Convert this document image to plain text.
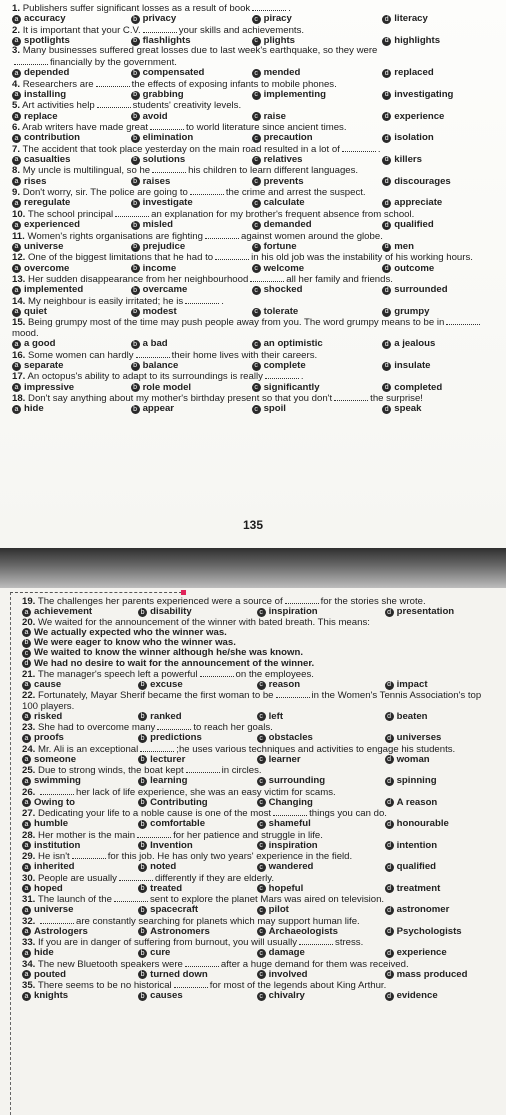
1. Publishers suffer significant losses as a result of book	.
a accuracy	b privacy	c piracy	d literacy
2. It is important that your C.V.	your skills and achievements.
a spotlights	b flashlights	c plights	d highlights
3. Many businesses suffered great losses due to last week's earthquake, so they were
financially by the government.
a depended	b compensated	c mended	d replaced
4. Researchers are	the effects of exposing infants to mobile phones.
a installing	b grabbing	c implementing	d investigating
5. Art activities help	students' creativity levels.
a replace	b avoid	c raise	d experience
6. Arab writers have made great	to world literature since ancient times.
a contribution	b elimination	c precaution	d isolation
7. The accident that took place yesterday on the main road resulted in a lot of	.
a casualties	b solutions	c relatives	d killers
8. My uncle is multilingual, so he	his children to learn different languages.
a rises	b raises	c prevents	d discourages
9. Don't worry, sir. The police are going to	the crime and arrest the suspect.
a reregulate	b investigate	c calculate	d appreciate
10. The school principal	an explanation for my brother's frequent absence from school.
a experienced	b misled	c demanded	d qualified
11. Women's rights organisations are fighting	against women around the globe.
a universe	b prejudice	c fortune	d men
12. One of the biggest limitations that he had to	in his old job was the instability of his working hours.
a overcome	b income	c welcome	d outcome
13. Her sudden disappearance from her neighbourhood	all her family and friends.
a implemented	b overcame	c shocked	d surrounded
14. My neighbour is easily irritated; he is	.
a quiet	b modest	c tolerate	d grumpy
15. Being grumpy most of the time may push people away from you. The word grumpy means to be inmood.
a a good	b a bad	c an optimistic	d a jealous
16. Some women can hardly	their home lives with their careers.
a separate	b balance	c complete	d insulate
17. An octopus's ability to adapt to its surroundings is really	.
a impressive	b role model	c significantly	d completed
18. Don't say anything about my mother's birthday present so that you don't	the surprise!
a hide	b appear	c spoil	d speak
135
19. The challenges her parents experienced were a source of	for the stories she wrote.
a achievement	b disability	c inspiration	d presentation
20. We waited for the announcement of the winner with bated breath. This means:
a We actually expected who the winner was.
b We were eager to know who the winner was.
c We waited to know the winner although he/she was known.
d We had no desire to wait for the announcement of the winner.
21. The manager's speech left a powerful	on the employees.
a cause	b excuse	c reason	d impact
22. Fortunately, Mayar Sherif became the first woman to be	in the Women's Tennis Association's top 100 players.
a risked	b ranked	c left	d beaten
23. She had to overcome many	to reach her goals.
a proofs	b predictions	c obstacles	d universes
24. Mr. Ali is an exceptional	;he uses various techniques and activities to engage his students.
a someone	b lecturer	c learner	d woman
25. Due to strong winds, the boat kept	in circles.
a swimming	b learning	c surrounding	d spinning
26.	her lack of life experience, she was an easy victim for scams.
a Owing to	b Contributing	c Changing	d A reason
27. Dedicating your life to a noble cause is one of the most	things you can do.
a humble	b comfortable	c shameful	d honourable
28. Her mother is the main	for her patience and struggle in life.
a institution	b Invention	c inspiration	d intention
29. He isn't	for this job. He has only two years' experience in the field.
a inherited	b noted	c wandered	d qualified
30. People are usually	differently if they are elderly.
a hoped	b treated	c hopeful	d treatment
31. The launch of the	sent to explore the planet Mars was aired on television.
a universe	b spacecraft	c pilot	d astronomer
32.	are constantly searching for planets which may support human life.
a Astrologers	b Astronomers	c Archaeologists	d Psychologists
33. If you are in danger of suffering from burnout, you will usually	stress.
a hide	b cure	c damage	d experience
34. The new Bluetooth speakers were	after a huge demand for them was received.
a pouted	b turned down	c involved	d mass produced
35. There seems to be no historical	for most of the legends about King Arthur.
a knights	b causes	c chivalry	d evidence
